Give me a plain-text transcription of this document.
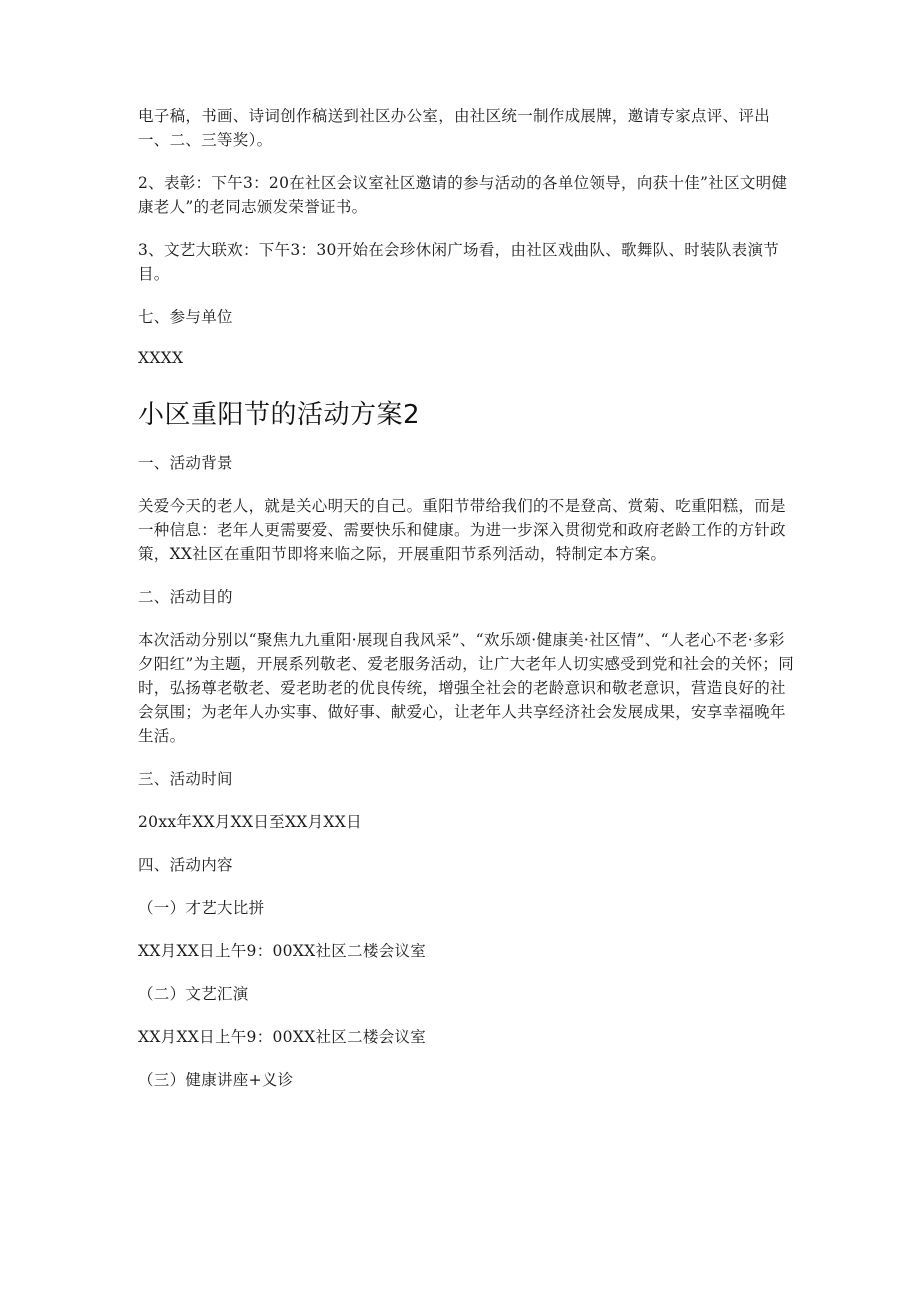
电子稿，书画、诗词创作稿送到社区办公室，由社区统一制作成展牌，邀请专家点评、评出一、二、三等奖）。

2、表彰：下午3：20在社区会议室社区邀请的参与活动的各单位领导，向获十佳”社区文明健康老人”的老同志颁发荣誉证书。

3、文艺大联欢：下午3：30开始在会珍休闲广场看，由社区戏曲队、歌舞队、时装队表演节目。

七、参与单位

XXXX

小区重阳节的活动方案2

一、活动背景

关爱今天的老人，就是关心明天的自己。重阳节带给我们的不是登高、赏菊、吃重阳糕，而是一种信息：老年人更需要爱、需要快乐和健康。为进一步深入贯彻党和政府老龄工作的方针政策，XX社区在重阳节即将来临之际，开展重阳节系列活动，特制定本方案。

二、活动目的

本次活动分别以“聚焦九九重阳·展现自我风采”、“欢乐颂·健康美·社区情”、“人老心不老·多彩夕阳红”为主题，开展系列敬老、爱老服务活动，让广大老年人切实感受到党和社会的关怀；同时，弘扬尊老敬老、爱老助老的优良传统，增强全社会的老龄意识和敬老意识，营造良好的社会氛围；为老年人办实事、做好事、献爱心，让老年人共享经济社会发展成果，安享幸福晚年生活。

三、活动时间

20xx年XX月XX日至XX月XX日

四、活动内容

（一）才艺大比拼

XX月XX日上午9：00XX社区二楼会议室

（二）文艺汇演

XX月XX日上午9：00XX社区二楼会议室

（三）健康讲座+义诊
